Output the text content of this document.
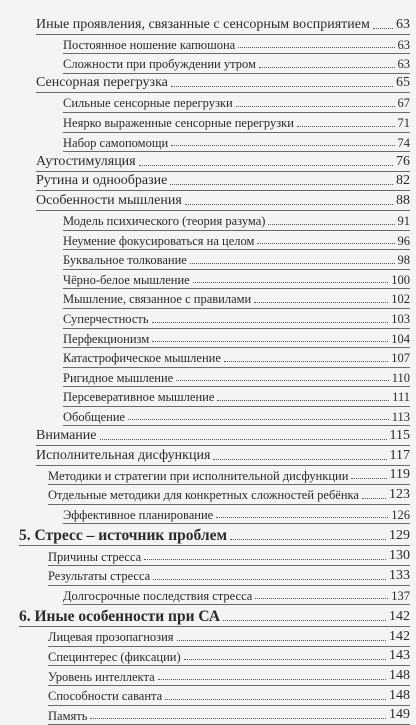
Иные проявления, связанные с сенсорным восприятием 63
Постоянное ношение капюшона	63
Сложности при пробуждении утром	63
Сенсорная перегрузка	65
Сильные сенсорные перегрузки	67
Неярко выраженные сенсорные перегрузки	71
Набор самопомощи	74
Аутостимуляция	76
Рутина и однообразие	82
Особенности мышления	88
Модель психического (теория разума)	91
Неумение фокусироваться на целом	96
Буквальное толкование	98
Чёрно-белое мышление	100
Мышление, связанное с правилами	102
Суперчестность	103
Перфекционизм	104
Катастрофическое мышление	107
Ригидное мышление	110
Персеверативное мышление	111
Обобщение	113
Внимание	115
Исполнительная дисфункция	117
Методики и стратегии при исполнительной дисфункции	119
Отдельные методики для конкретных сложностей ребёнка 123
Эффективное планирование	126
5. Стресс – источник проблем	129
Причины стресса	130
Результаты стресса	133
Долгосрочные последствия стресса	137
6. Иные особенности при СА	142
Лицевая прозопагнозия	142
Специнтерес (фиксации)	143
Уровень интеллекта	148
Способности саванта	148
Память	149
